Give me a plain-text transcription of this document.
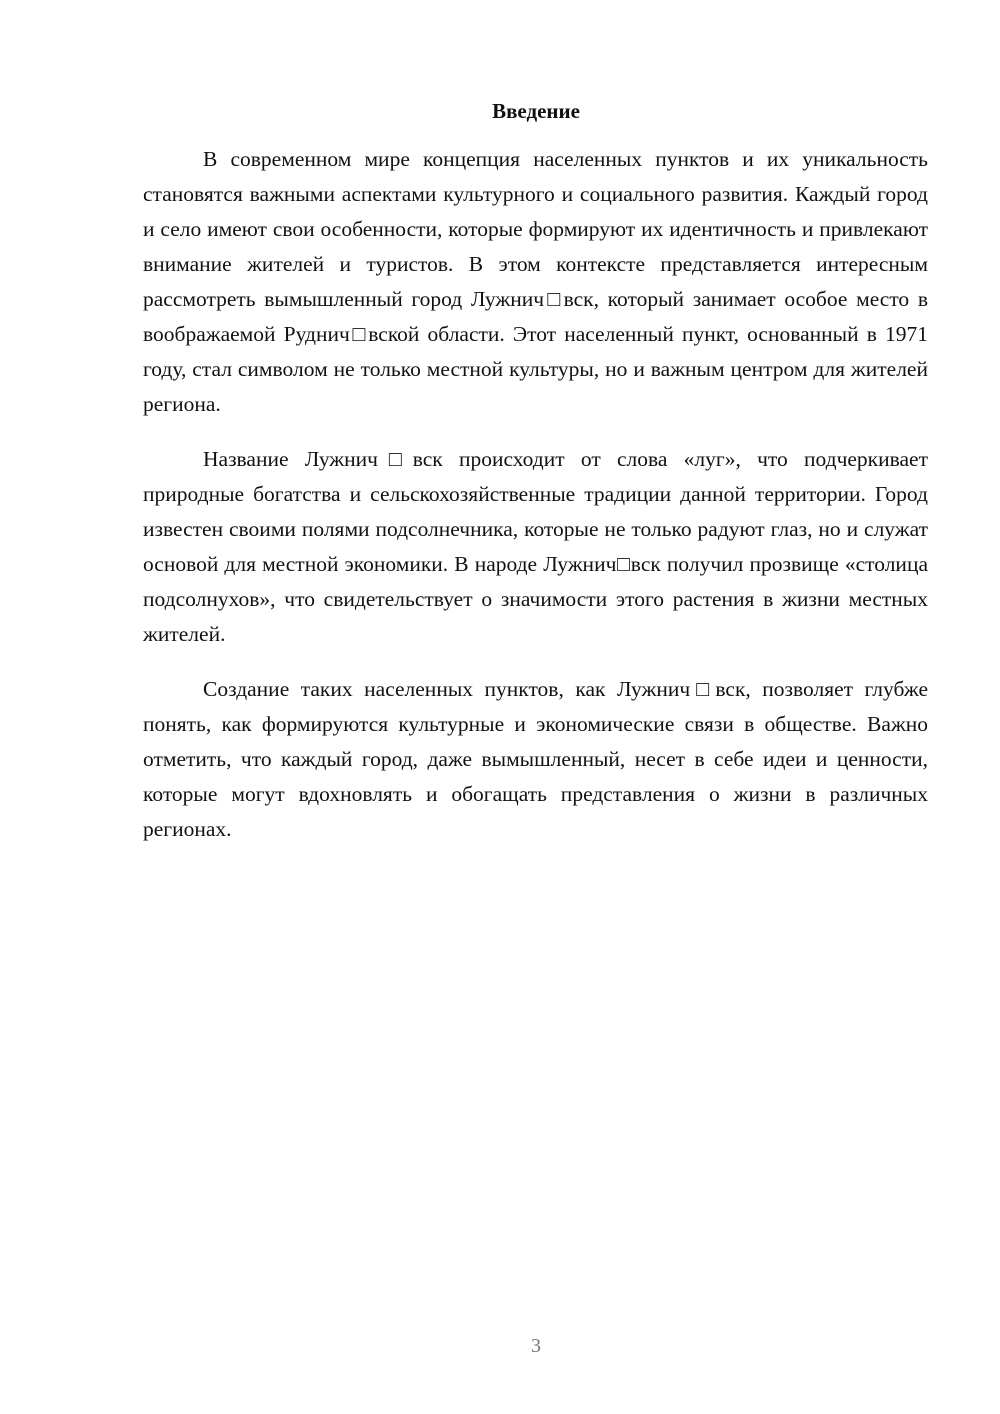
Введение

В современном мире концепция населенных пунктов и их уникальность становятся важными аспектами культурного и социального развития. Каждый город и село имеют свои особенности, которые формируют их идентичность и привлекают внимание жителей и туристов. В этом контексте представляется интересным рассмотреть вымышленный город Лужнич□вск, который занимает особое место в воображаемой Руднич□вской области. Этот населенный пункт, основанный в 1971 году, стал символом не только местной культуры, но и важным центром для жителей региона.

Название Лужнич□вск происходит от слова «луг», что подчеркивает природные богатства и сельскохозяйственные традиции данной территории. Город известен своими полями подсолнечника, которые не только радуют глаз, но и служат основой для местной экономики. В народе Лужнич□вск получил прозвище «столица подсолнухов», что свидетельствует о значимости этого растения в жизни местных жителей.

Создание таких населенных пунктов, как Лужнич□вск, позволяет глубже понять, как формируются культурные и экономические связи в обществе. Важно отметить, что каждый город, даже вымышленный, несет в себе идеи и ценности, которые могут вдохновлять и обогащать представления о жизни в различных регионах.

3
